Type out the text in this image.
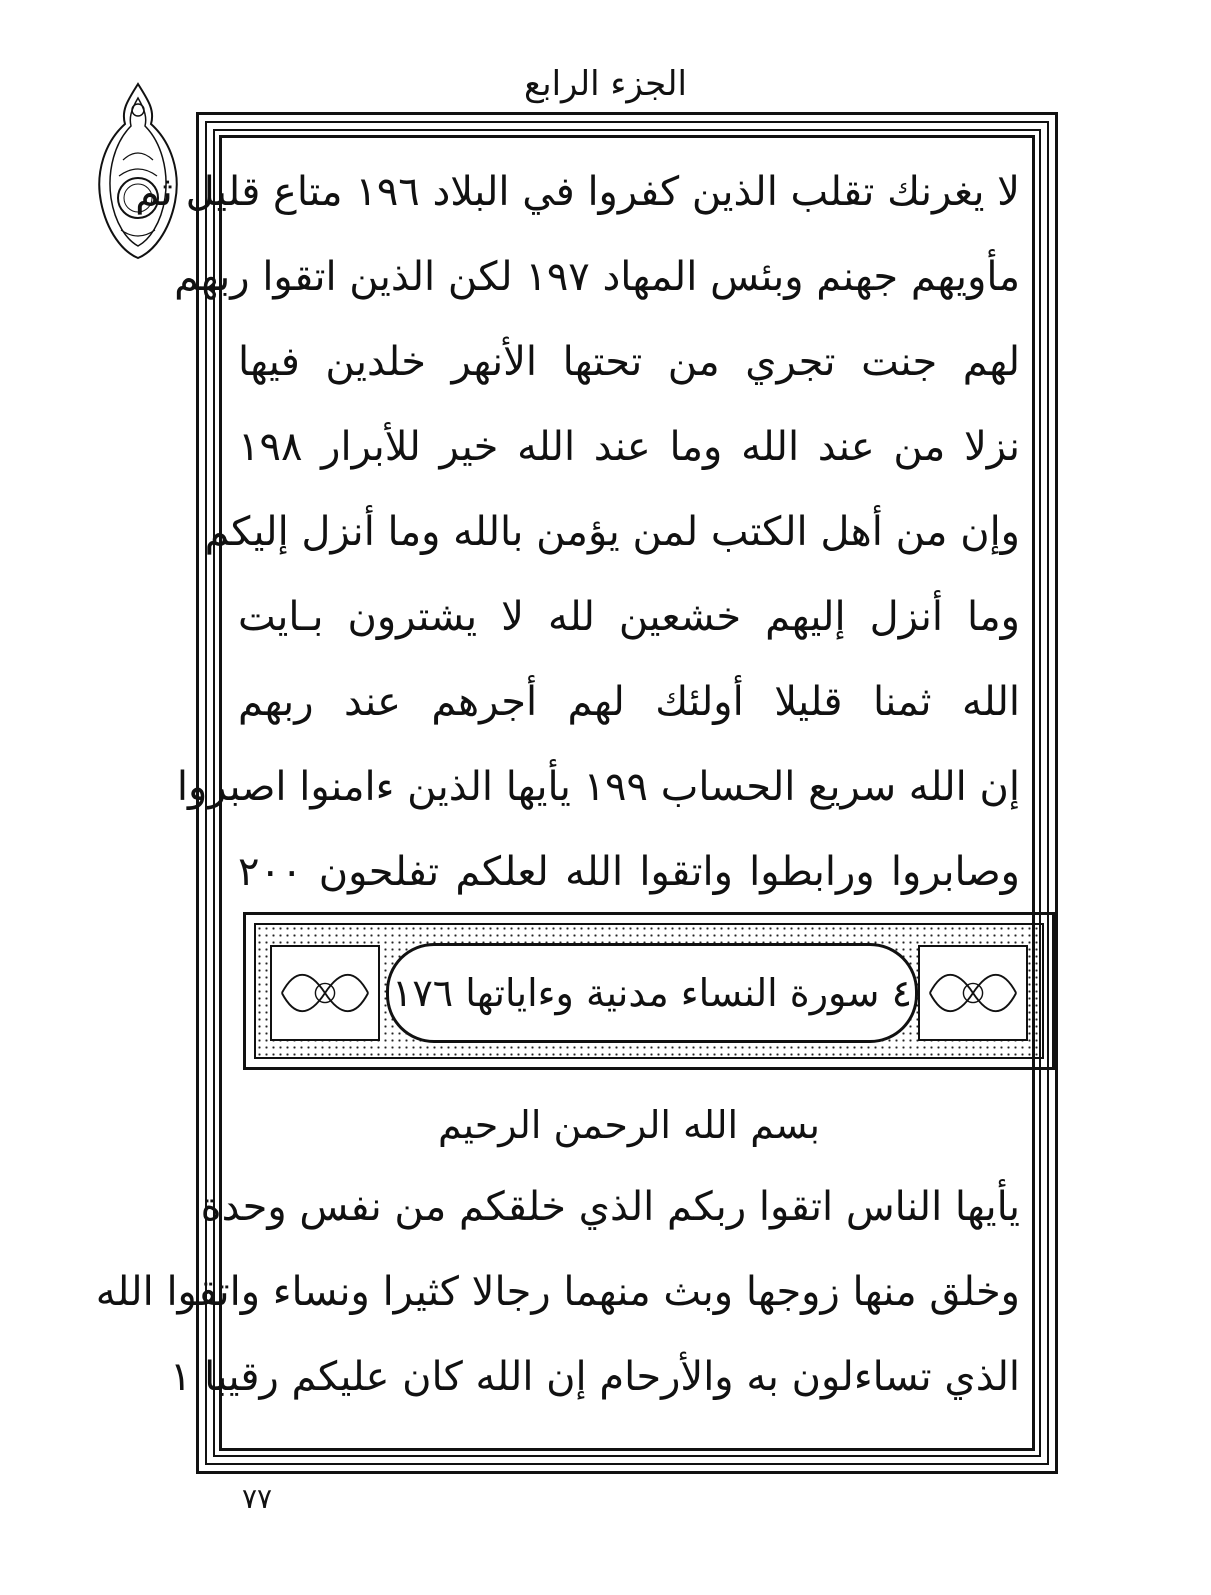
الجزء الرابع
لا يغرنك تقلب الذين كفروا في البلاد ١٩٦ متاع قليل ثم
مأويهم جهنم وبئس المهاد ١٩٧ لكن الذين اتقوا ربهم
لهم جنت تجري من تحتها الأنهر خلدين فيها
نزلا من عند الله وما عند الله خير للأبرار ١٩٨
وإن من أهل الكتب لمن يؤمن بالله وما أنزل إليكم
وما أنزل إليهم خشعين لله لا يشترون بـايت
الله ثمنا قليلا أولئك لهم أجرهم عند ربهم
إن الله سريع الحساب ١٩٩ يأيها الذين ءامنوا اصبروا
وصابروا ورابطوا واتقوا الله لعلكم تفلحون ٢٠٠
٤ سورة النساء مدنية وءاياتها ١٧٦
بسم الله الرحمن الرحيم
يأيها الناس اتقوا ربكم الذي خلقكم من نفس وحدة
وخلق منها زوجها وبث منهما رجالا كثيرا ونساء واتقوا الله
الذي تساءلون به والأرحام إن الله كان عليكم رقيبا ١
٧٧
